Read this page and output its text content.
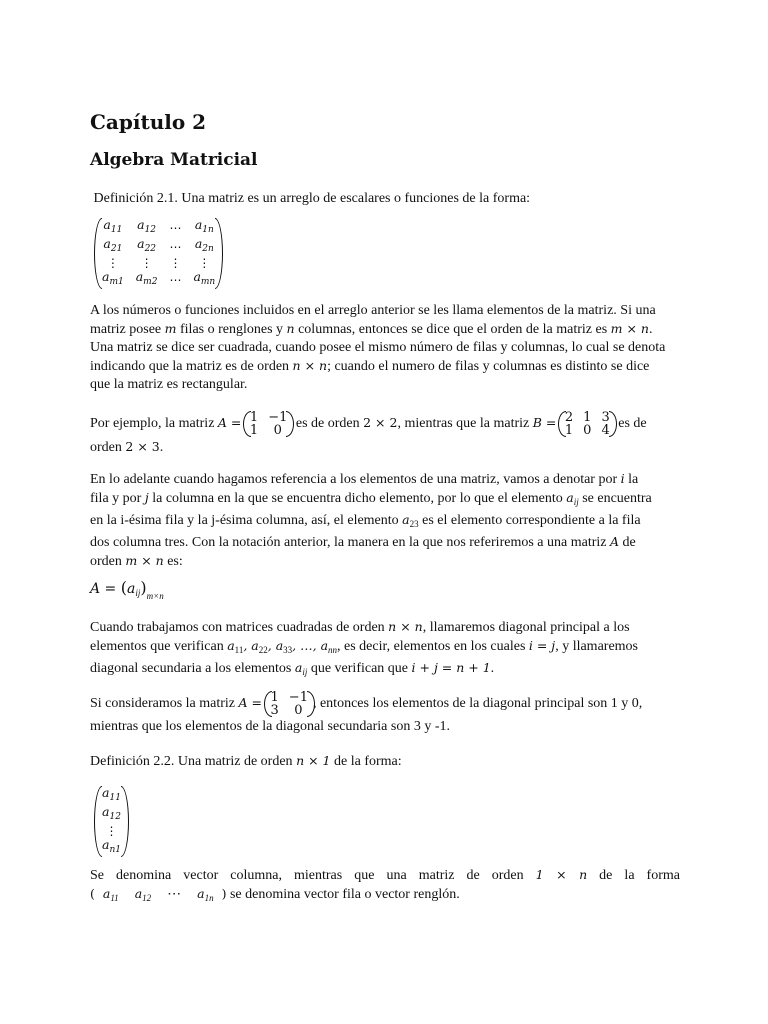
Capítulo 2
Algebra Matricial

Definición 2.1. Una matriz es un arreglo de escalares o funciones de la forma:

$a_{11}$	$a_{12}$	⋯	$a_{1n}$
$a_{21}$	$a_{22}$	⋯	$a_{2n}$
⋮	⋮	⋮	⋮
$a_{m1}$	$a_{m2}$	⋯	$a_{mn}$
A los números o funciones incluidos en el arreglo anterior se les llama elementos de la matriz. Si una
matriz posee m filas o renglones y n columnas, entonces se dice que el orden de la matriz es m × n.
Una matriz se dice ser cuadrada, cuando posee el mismo número de filas y columnas, lo cual se denota
indicando que la matriz es de orden n × n; cuando el numero de filas y columnas es distinto se dice
que la matriz es rectangular.
Por ejemplo, la matriz A = 1	−1
1	0 es de orden 2 × 2, mientras que la matriz B = 2	1	3
1	0	4 es de
orden 2 × 3.
En lo adelante cuando hagamos referencia a los elementos de una matriz, vamos a denotar por i la
fila y por j la columna en la que se encuentra dicho elemento, por lo que el elemento $a_{ij}$ se encuentra
en la i-ésima fila y la j-ésima columna, así, el elemento $a_{23}$ es el elemento correspondiente a la fila
dos columna tres. Con la notación anterior, la manera en la que nos referiremos a una matriz A de
orden m × n es:
$A = (a_{ij})_{m\times n}$
Cuando trabajamos con matrices cuadradas de orden n × n, llamaremos diagonal principal a los
elementos que verifican $a_{11}$, $a_{22}$, $a_{33}$, …, $a_{nn}$, es decir, elementos en los cuales i = j, y llamaremos
diagonal secundaria a los elementos $a_{ij}$ que verifican que i + j = n + 1.
Si consideramos la matriz A = 1	−1
3	0 , entonces los elementos de la diagonal principal son 1 y 0,
mientras que los elementos de la diagonal secundaria son 3 y -1.

Definición 2.2. Una matriz de orden n × 1 de la forma:

$a_{11}$
$a_{12}$
⋮
$a_{n1}$
Se denomina vector columna, mientras que una matriz de orden 1 × n de la forma
( $a_{11}$ $a_{12}$ ⋯ $a_{1n}$ ) se denomina vector fila o vector renglón.
